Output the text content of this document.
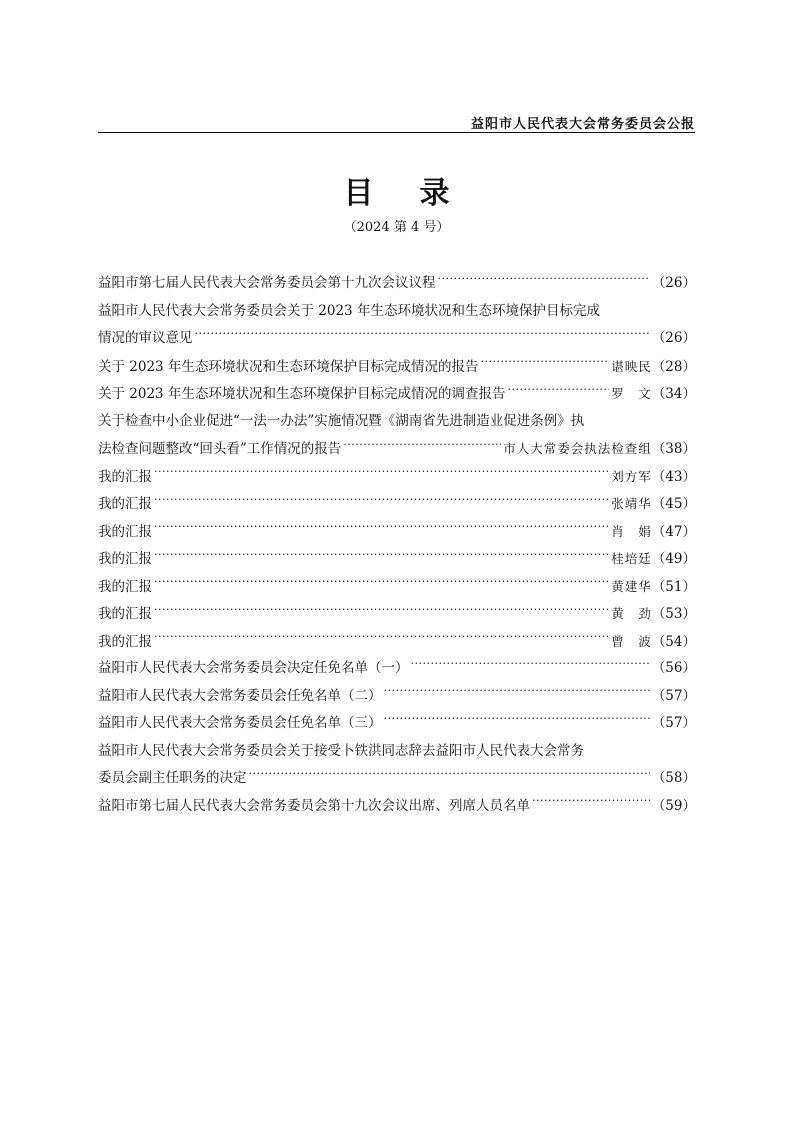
益阳市人民代表大会常务委员会公报
目录
（2024 第 4 号）
益阳市第七届人民代表大会常务委员会第十九次会议议程 .....	（26）
益阳市人民代表大会常务委员会关于 2023 年生态环境状况和生态环境保护目标完成
情况的审议意见 .....	（26）
关于 2023 年生态环境状况和生态环境保护目标完成情况的报告 .....	谌映民 （28）
关于 2023 年生态环境状况和生态环境保护目标完成情况的调查报告 .....	罗　文 （34）
关于检查中小企业促进“一法一办法”实施情况暨《湖南省先进制造业促进条例》执
法检查问题整改“回头看”工作情况的报告 .....	市人大常委会执法检查组 （38）
我的汇报 .....	刘方军 （43）
我的汇报 .....	张靖华 （45）
我的汇报 .....	肖　娟 （47）
我的汇报 .....	桂培廷 （49）
我的汇报 .....	黄建华 （51）
我的汇报 .....	黄　劲 （53）
我的汇报 .....	曾　波 （54）
益阳市人民代表大会常务委员会决定任免名单（一） .....	（56）
益阳市人民代表大会常务委员会任免名单（二） .....	（57）
益阳市人民代表大会常务委员会任免名单（三） .....	（57）
益阳市人民代表大会常务委员会关于接受卜铁洪同志辞去益阳市人民代表大会常务
委员会副主任职务的决定 .....	（58）
益阳市第七届人民代表大会常务委员会第十九次会议出席、列席人员名单 .....	（59）
